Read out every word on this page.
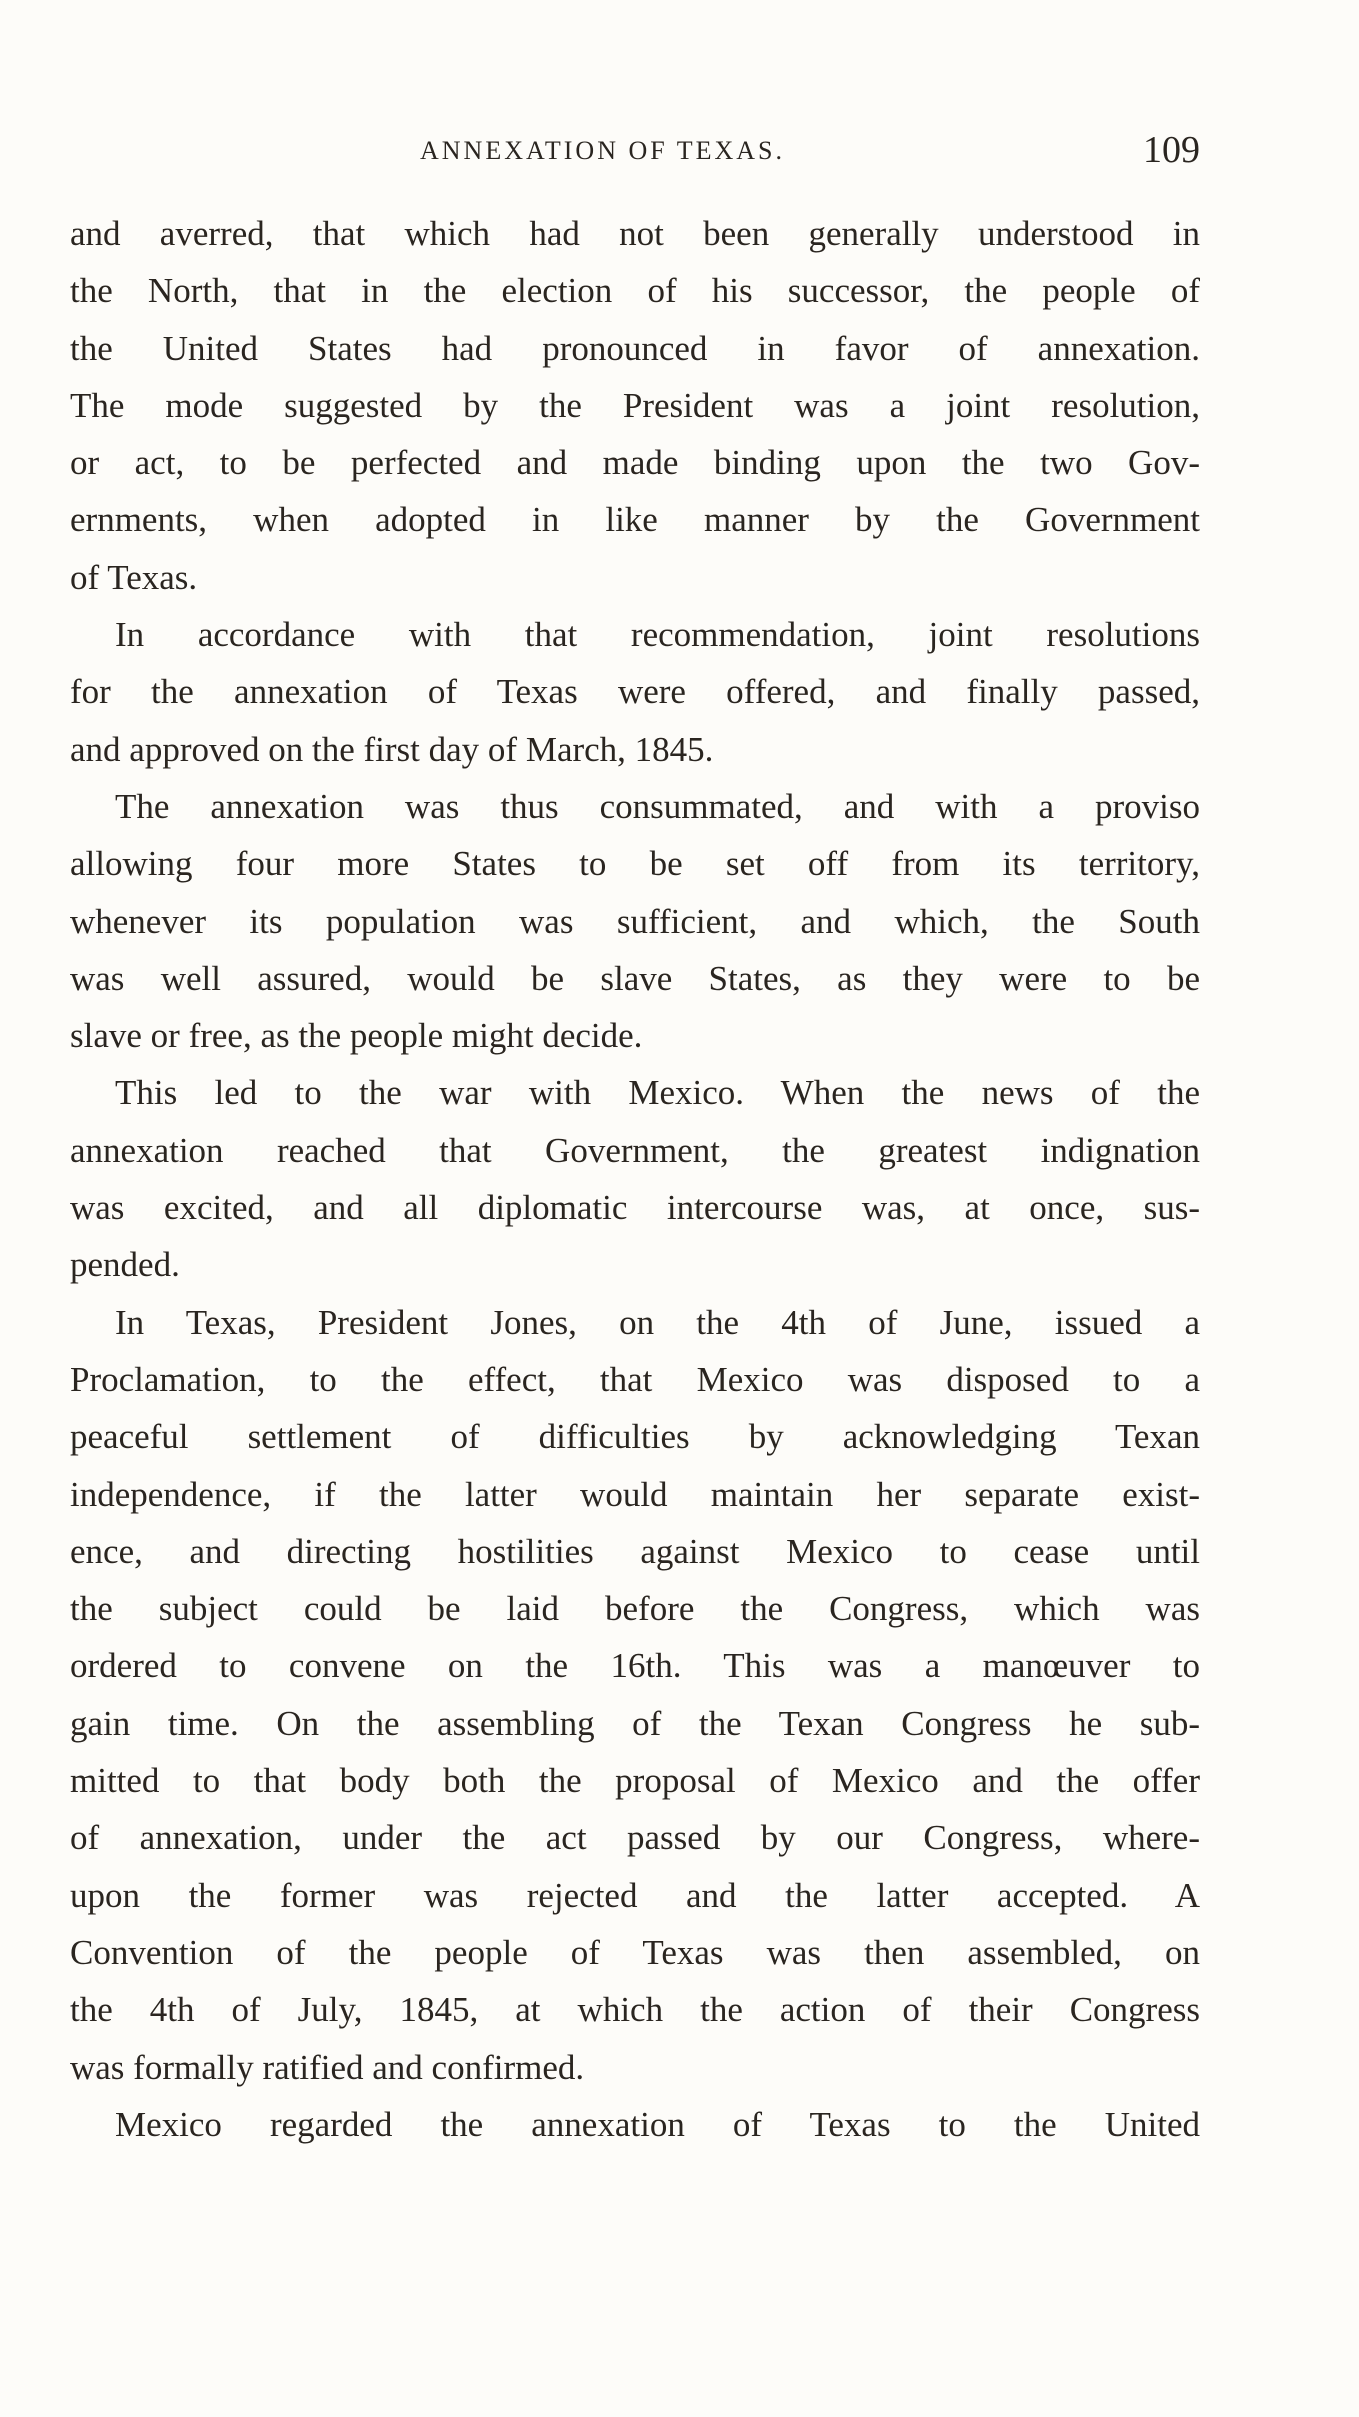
ANNEXATION OF TEXAS.	109
and averred, that which had not been generally understood in
the North, that in the election of his successor, the people of
the United States had pronounced in favor of annexation.
The mode suggested by the President was a joint resolution,
or act, to be perfected and made binding upon the two Gov-
ernments, when adopted in like manner by the Government
of Texas.
In accordance with that recommendation, joint resolutions
for the annexation of Texas were offered, and finally passed,
and approved on the first day of March, 1845.
The annexation was thus consummated, and with a proviso
allowing four more States to be set off from its territory,
whenever its population was sufficient, and which, the South
was well assured, would be slave States, as they were to be
slave or free, as the people might decide.
This led to the war with Mexico. When the news of the
annexation reached that Government, the greatest indignation
was excited, and all diplomatic intercourse was, at once, sus-
pended.
In Texas, President Jones, on the 4th of June, issued a
Proclamation, to the effect, that Mexico was disposed to a
peaceful settlement of difficulties by acknowledging Texan
independence, if the latter would maintain her separate exist-
ence, and directing hostilities against Mexico to cease until
the subject could be laid before the Congress, which was
ordered to convene on the 16th. This was a manœuver to
gain time. On the assembling of the Texan Congress he sub-
mitted to that body both the proposal of Mexico and the offer
of annexation, under the act passed by our Congress, where-
upon the former was rejected and the latter accepted. A
Convention of the people of Texas was then assembled, on
the 4th of July, 1845, at which the action of their Congress
was formally ratified and confirmed.
Mexico regarded the annexation of Texas to the United
